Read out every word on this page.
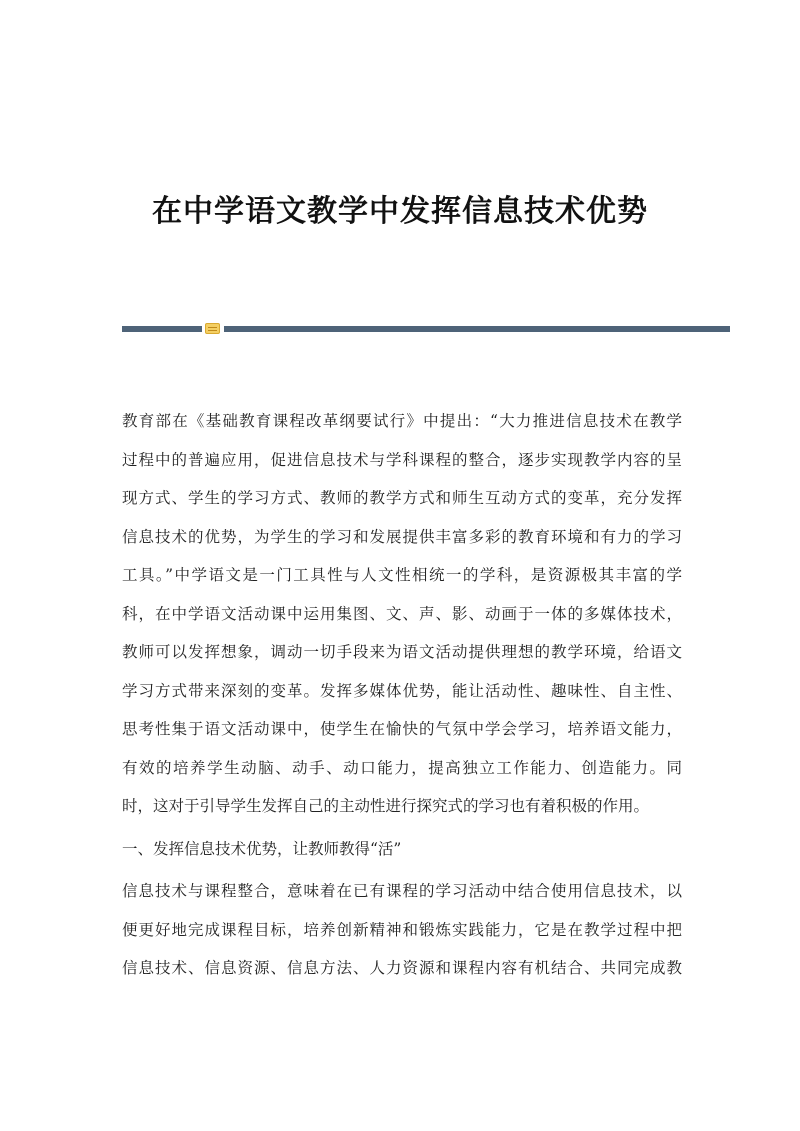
在中学语文教学中发挥信息技术优势
教育部在《基础教育课程改革纲要试行》中提出：“大力推进信息技术在教学
过程中的普遍应用，促进信息技术与学科课程的整合，逐步实现教学内容的呈
现方式、学生的学习方式、教师的教学方式和师生互动方式的变革，充分发挥
信息技术的优势，为学生的学习和发展提供丰富多彩的教育环境和有力的学习
工具。”中学语文是一门工具性与人文性相统一的学科，是资源极其丰富的学
科，在中学语文活动课中运用集图、文、声、影、动画于一体的多媒体技术，
教师可以发挥想象，调动一切手段来为语文活动提供理想的教学环境，给语文
学习方式带来深刻的变革。发挥多媒体优势，能让活动性、趣味性、自主性、
思考性集于语文活动课中，使学生在愉快的气氛中学会学习，培养语文能力，
有效的培养学生动脑、动手、动口能力，提高独立工作能力、创造能力。同
时，这对于引导学生发挥自己的主动性进行探究式的学习也有着积极的作用。
一、发挥信息技术优势，让教师教得“活”
信息技术与课程整合，意味着在已有课程的学习活动中结合使用信息技术，以
便更好地完成课程目标，培养创新精神和锻炼实践能力，它是在教学过程中把
信息技术、信息资源、信息方法、人力资源和课程内容有机结合、共同完成教
